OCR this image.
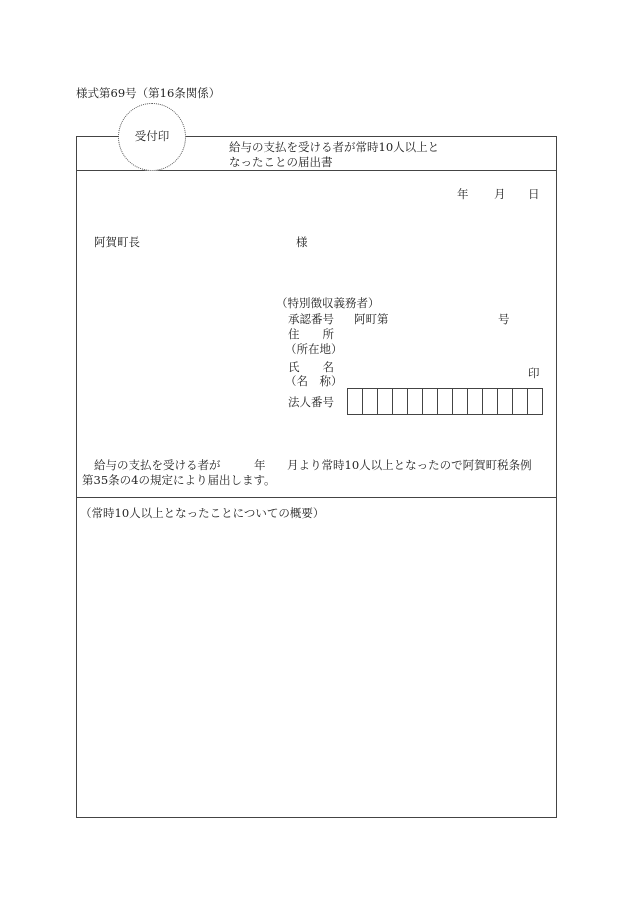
様式第69号（第16条関係）
受付印
給与の支払を受ける者が常時10人以上と
なったことの届出書
年 月 日
阿賀町長	様
（特別徴収義務者）
承認番号 阿町第	号
住　　所
（所在地）
氏　　名
（名　称）
印
法人番号
給与の支払を受ける者が	年 月より常時10人以上となったので阿賀町税条例
第35条の4の規定により届出します。
（常時10人以上となったことについての概要）
